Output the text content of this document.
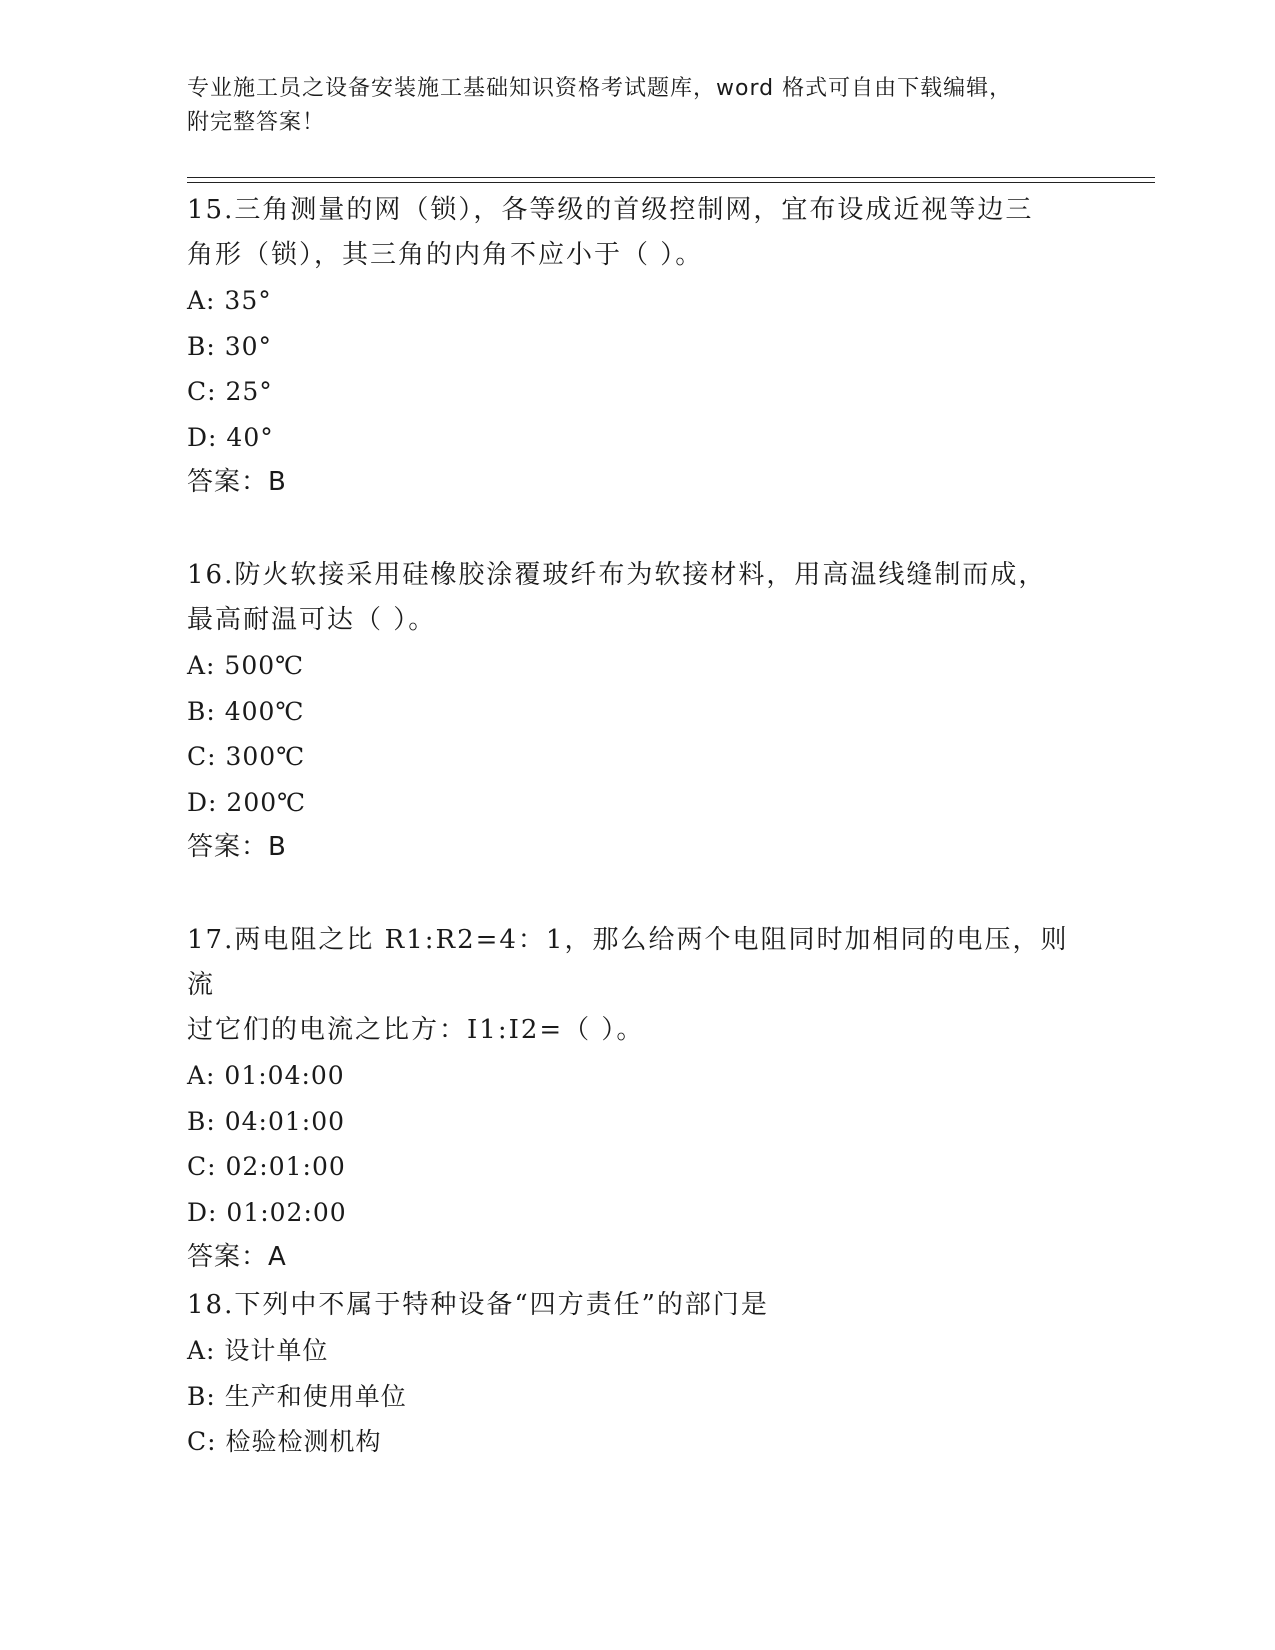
专业施工员之设备安装施工基础知识资格考试题库，word 格式可自由下载编辑，
附完整答案！

15.三角测量的网（锁），各等级的首级控制网，宜布设成近视等边三

角形（锁），其三角的内角不应小于（ ）。

A: 35°

B: 30°

C: 25°

D: 40°

答案：B

16.防火软接采用硅橡胶涂覆玻纤布为软接材料，用高温线缝制而成，

最高耐温可达（ ）。

A: 500℃

B: 400℃

C: 300℃

D: 200℃

答案：B

17.两电阻之比 R1:R2=4：1，那么给两个电阻同时加相同的电压，则流

过它们的电流之比方：I1:I2=（ ）。

A: 01:04:00

B: 04:01:00

C: 02:01:00

D: 01:02:00

答案：A

18.下列中不属于特种设备“四方责任”的部门是

A: 设计单位

B: 生产和使用单位

C: 检验检测机构
